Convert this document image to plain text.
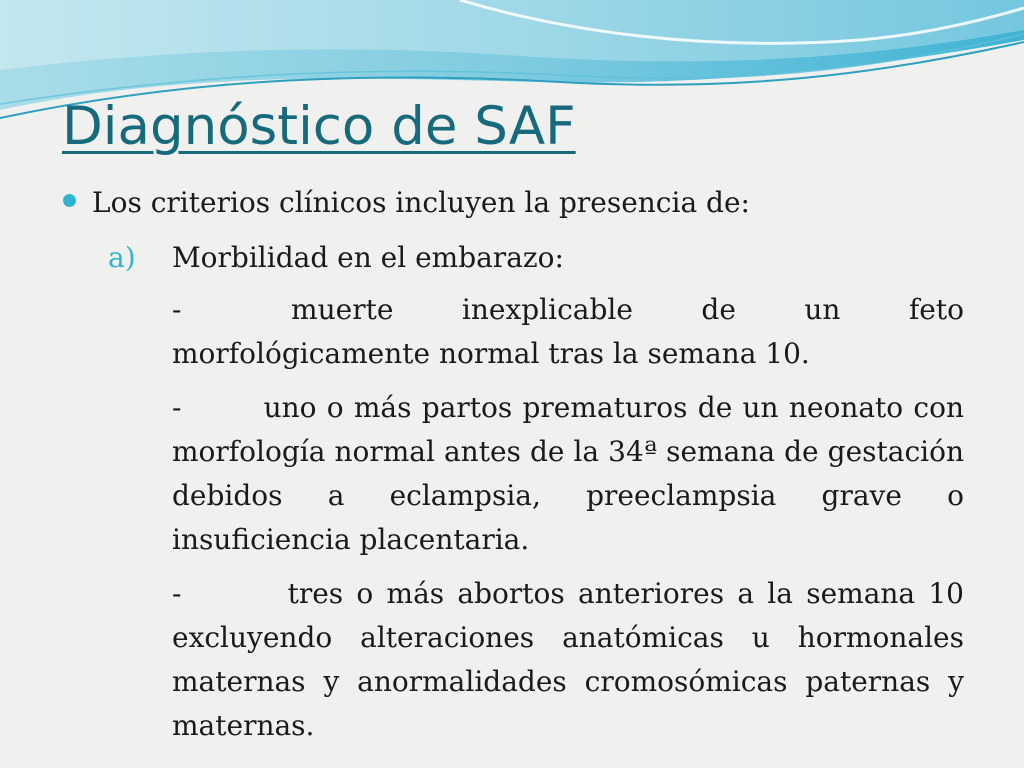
Diagnóstico de SAF
Los criterios clínicos incluyen la presencia de:
a) Morbilidad en el embarazo:
-        muerte     inexplicable     de     un     feto morfológicamente normal tras la semana 10.
-        uno o más partos prematuros de un neonato con morfología normal antes de la 34ª semana de gestación debidos a eclampsia, preeclampsia grave o insuficiencia placentaria.
-        tres o más abortos anteriores a la semana 10 excluyendo alteraciones anatómicas u hormonales maternas y anormalidades cromosómicas paternas y maternas.
